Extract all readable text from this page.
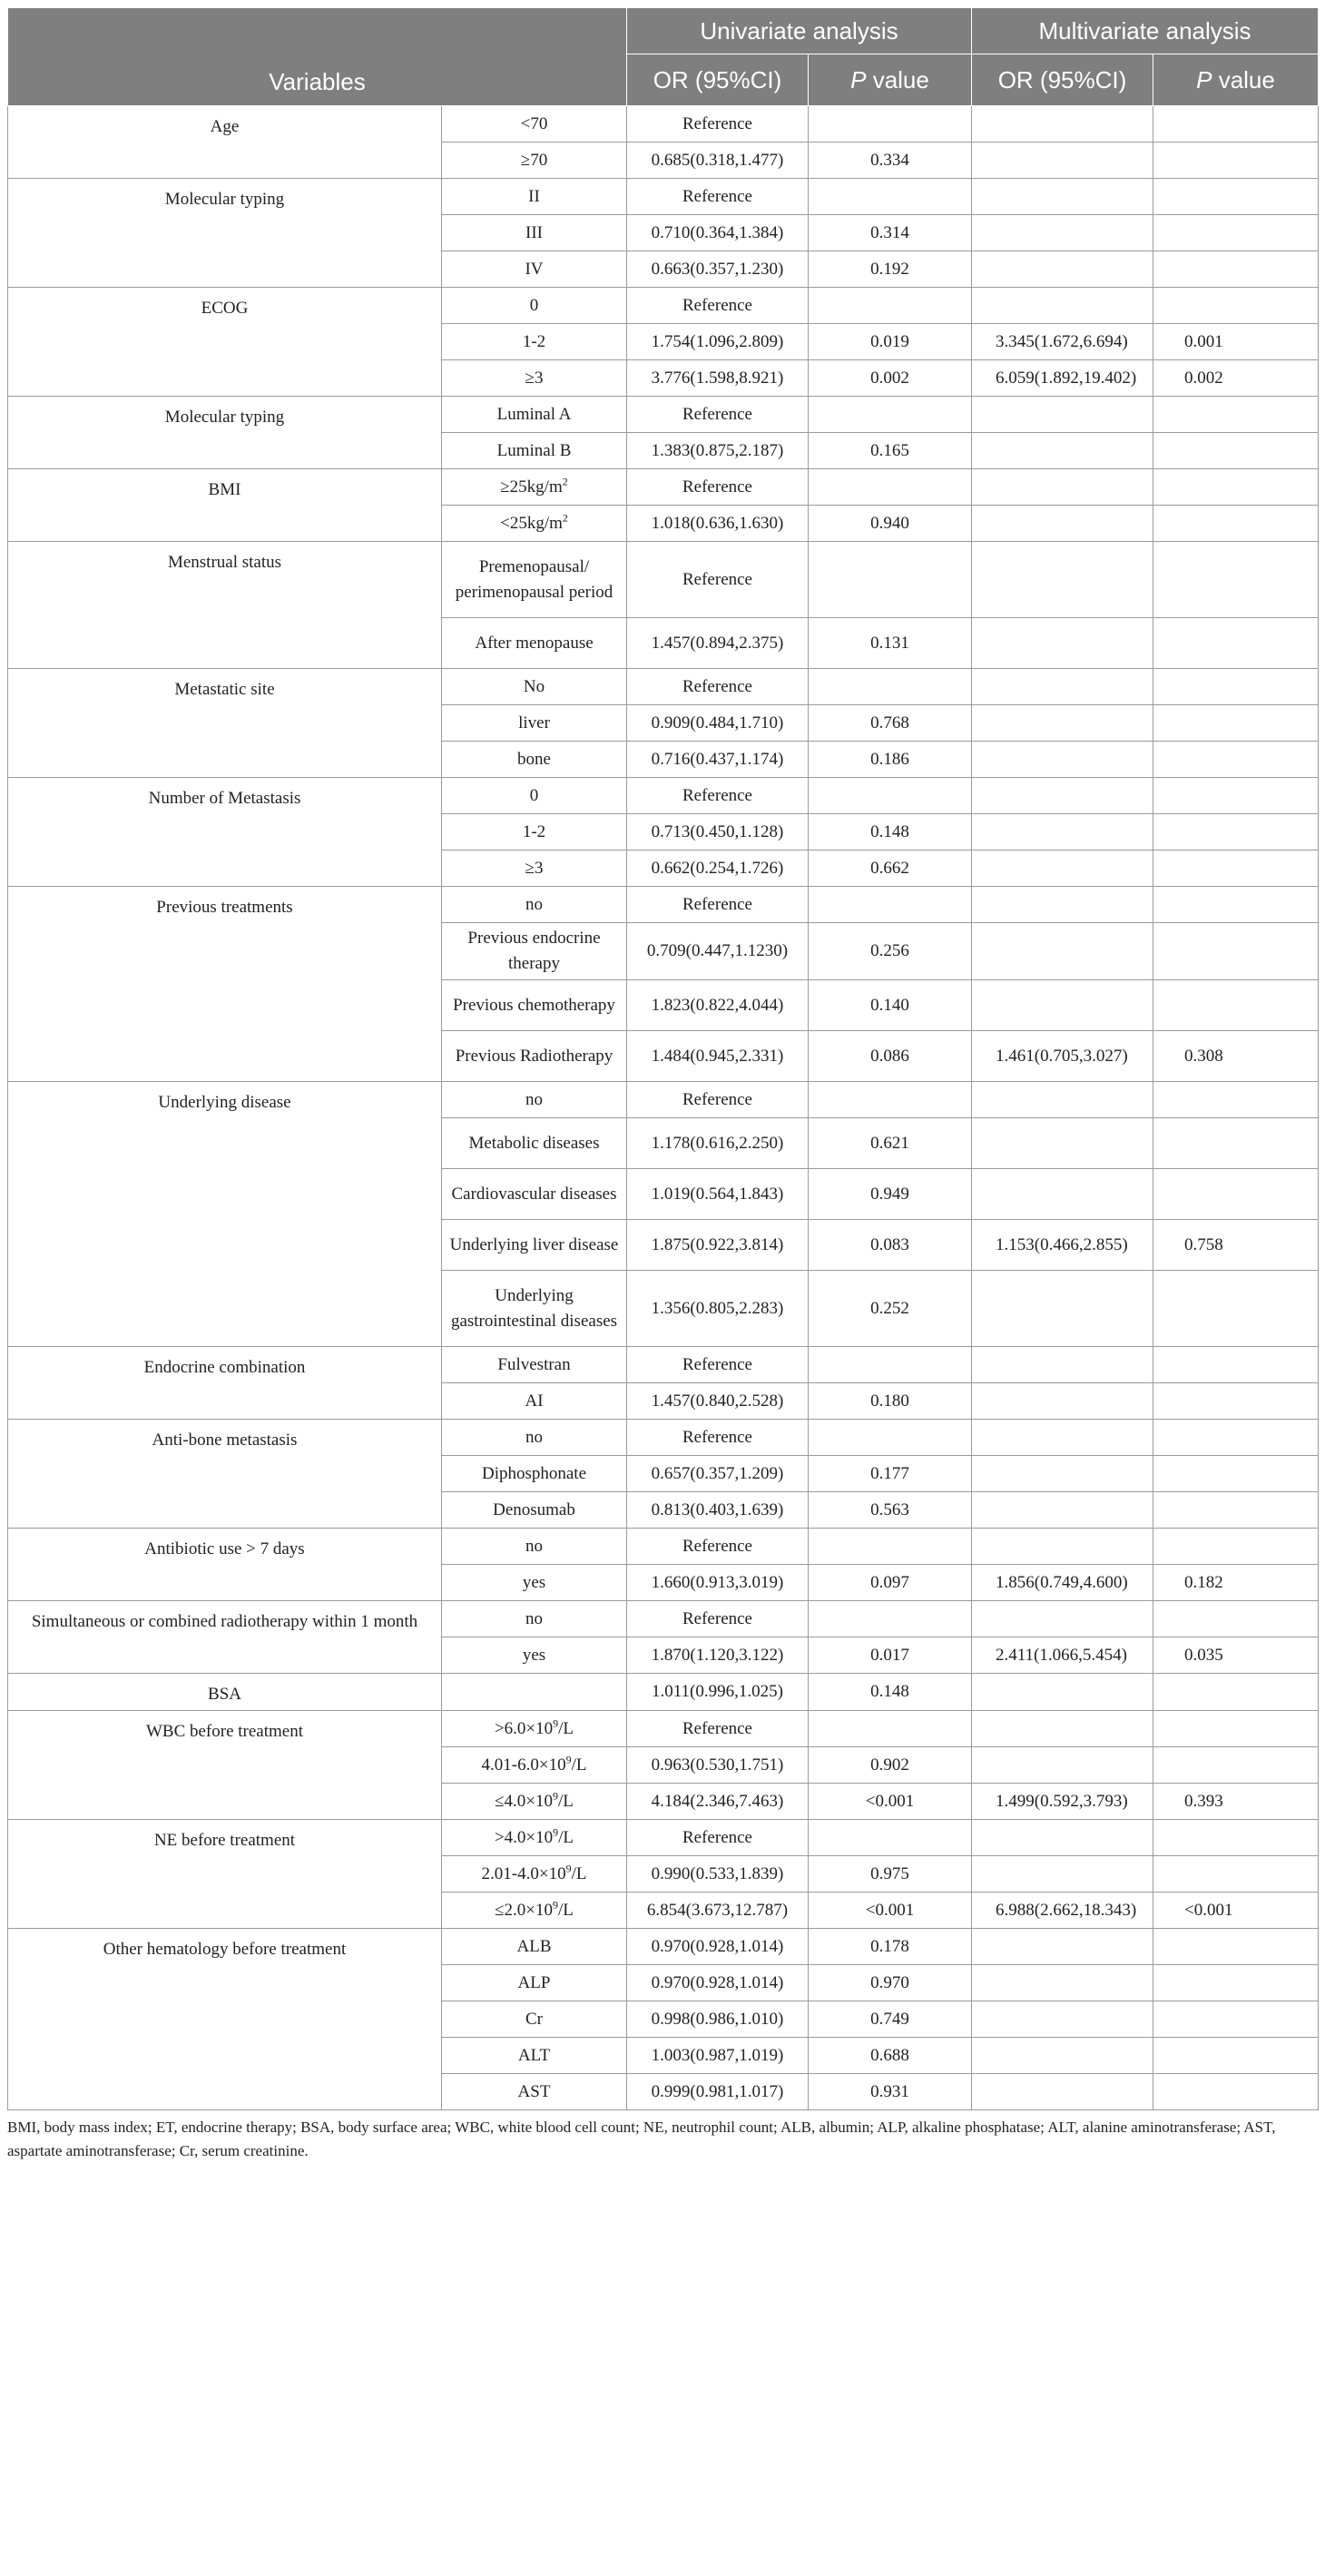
Variables		Univariate analysis		Multivariate analysis	
		OR (95%CI)	P value	OR (95%CI)	P value
Age	<70	Reference			
	≥70	0.685(0.318,1.477)	0.334		
Molecular typing	II	Reference			
	III	0.710(0.364,1.384)	0.314		
	IV	0.663(0.357,1.230)	0.192		
ECOG	0	Reference			
	1-2	1.754(1.096,2.809)	0.019	3.345(1.672,6.694)	0.001
	≥3	3.776(1.598,8.921)	0.002	6.059(1.892,19.402)	0.002
Molecular typing	Luminal A	Reference			
	Luminal B	1.383(0.875,2.187)	0.165		
BMI	$\ge 25kg/m^2$	Reference			
	$<25kg/m^2$	1.018(0.636,1.630)	0.940		
Menstrual status	Premenopausal/ perimenopausal period	Reference			
	After menopause	1.457(0.894,2.375)	0.131		
Metastatic site	No	Reference			
	liver	0.909(0.484,1.710)	0.768		
	bone	0.716(0.437,1.174)	0.186		
Number of Metastasis	0	Reference			
	1-2	0.713(0.450,1.128)	0.148		
	≥3	0.662(0.254,1.726)	0.662		
Previous treatments	no	Reference			
	Previous endocrine therapy	0.709(0.447,1.1230)	0.256		
	Previous chemotherapy	1.823(0.822,4.044)	0.140		
	Previous Radiotherapy	1.484(0.945,2.331)	0.086	1.461(0.705,3.027)	0.308
Underlying disease	no	Reference			
	Metabolic diseases	1.178(0.616,2.250)	0.621		
	Cardiovascular diseases	1.019(0.564,1.843)	0.949		
	Underlying liver disease	1.875(0.922,3.814)	0.083	1.153(0.466,2.855)	0.758
	Underlying gastrointestinal diseases	1.356(0.805,2.283)	0.252		
Endocrine combination	Fulvestran	Reference			
	AI	1.457(0.840,2.528)	0.180		
Anti-bone metastasis	no	Reference			
	Diphosphonate	0.657(0.357,1.209)	0.177		
	Denosumab	0.813(0.403,1.639)	0.563		
Antibiotic use > 7 days	no	Reference			
	yes	1.660(0.913,3.019)	0.097	1.856(0.749,4.600)	0.182
Simultaneous or combined radiotherapy within 1 month	no	Reference			
	yes	1.870(1.120,3.122)	0.017	2.411(1.066,5.454)	0.035
BSA		1.011(0.996,1.025)	0.148		
WBC before treatment	$>6.0\times 10^9/L$	Reference			
	$4.01-6.0\times 10^9/L$	0.963(0.530,1.751)	0.902		
	$\le 4.0\times 10^9/L$	4.184(2.346,7.463)	<0.001	1.499(0.592,3.793)	0.393
NE before treatment	$>4.0\times 10^9/L$	Reference			
	$2.01-4.0\times 10^9/L$	0.990(0.533,1.839)	0.975		
	$\le 2.0\times 10^9/L$	6.854(3.673,12.787)	<0.001	6.988(2.662,18.343)	<0.001
Other hematology before treatment	ALB	0.970(0.928,1.014)	0.178		
	ALP	0.970(0.928,1.014)	0.970		
	Cr	0.998(0.986,1.010)	0.749		
	ALT	1.003(0.987,1.019)	0.688		
	AST	0.999(0.981,1.017)	0.931		
BMI, body mass index; ET, endocrine therapy; BSA, body surface area; WBC, white blood cell count; NE, neutrophil count; ALB, albumin; ALP, alkaline phosphatase; ALT, alanine aminotransferase; AST, aspartate aminotransferase; Cr, serum creatinine.
